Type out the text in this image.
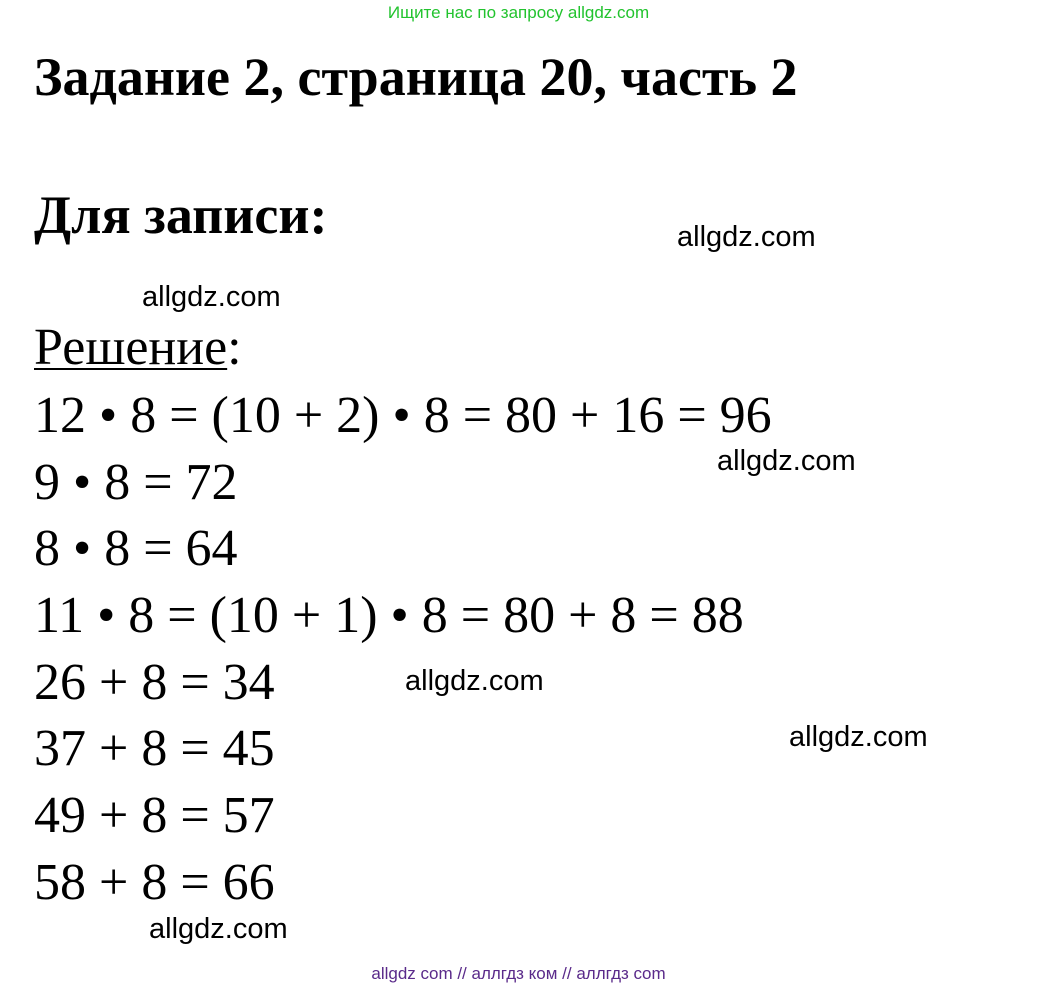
Ищите нас по запросу allgdz.com
Задание 2, страница 20, часть 2
Для записи:
Решение:
12 • 8 = (10 + 2) • 8 = 80 + 16 = 96
9 • 8 = 72
8 • 8 = 64
11 • 8 = (10 + 1) • 8 = 80 + 8 = 88
26 + 8 = 34
37 + 8 = 45
49 + 8 = 57
58 + 8 = 66
allgdz.com
allgdz.com
allgdz.com
allgdz.com
allgdz.com
allgdz.com
allgdz com // аллгдз ком // аллгдз com
